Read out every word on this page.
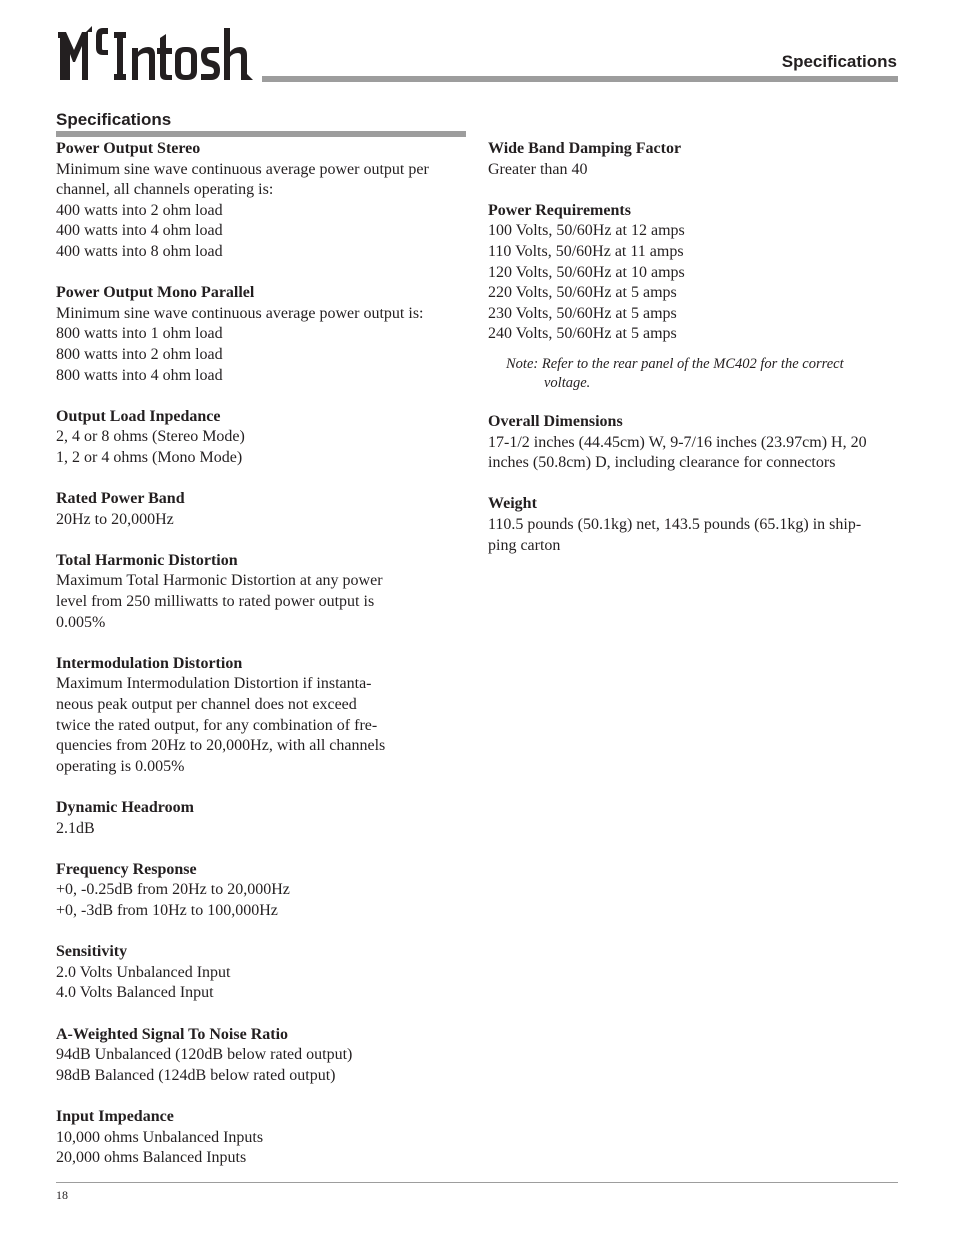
Specifications
Specifications
Power Output Stereo
Minimum sine wave continuous average power output per
channel, all channels operating is:
400 watts into 2 ohm load
400 watts into 4 ohm load
400 watts into 8 ohm load
Power Output Mono Parallel
Minimum sine wave continuous average power output is:
800 watts into 1 ohm load
800 watts into 2 ohm load
800 watts into 4 ohm load
Output Load Inpedance
2, 4 or 8 ohms (Stereo Mode)
1, 2 or 4 ohms (Mono Mode)
Rated Power Band
20Hz to 20,000Hz
Total Harmonic Distortion
Maximum Total Harmonic Distortion at any power
level from 250 milliwatts to rated power output is
0.005%
Intermodulation Distortion
Maximum Intermodulation Distortion if instanta-
neous peak output per channel does not exceed
twice the rated output, for any combination of fre-
quencies from 20Hz to 20,000Hz, with all channels
operating is 0.005%
Dynamic Headroom
2.1dB
Frequency Response
+0, -0.25dB from 20Hz to 20,000Hz
+0, -3dB from 10Hz to 100,000Hz
Sensitivity
2.0 Volts Unbalanced Input
4.0 Volts Balanced Input
A-Weighted Signal To Noise Ratio
94dB Unbalanced (120dB below rated output)
98dB Balanced (124dB below rated output)
Input Impedance
10,000 ohms Unbalanced Inputs
20,000 ohms Balanced Inputs
Wide Band Damping Factor
Greater than 40
Power Requirements
100 Volts, 50/60Hz at 12 amps
110 Volts, 50/60Hz at 11 amps
120 Volts, 50/60Hz at 10 amps
220 Volts, 50/60Hz at 5 amps
230 Volts, 50/60Hz at 5 amps
240 Volts, 50/60Hz at 5 amps
Note: Refer to the rear panel of the MC402 for the correct
voltage.
Overall Dimensions
17-1/2 inches (44.45cm) W, 9-7/16 inches (23.97cm) H, 20
inches (50.8cm) D, including clearance for connectors
Weight
110.5 pounds (50.1kg) net, 143.5 pounds (65.1kg) in ship-
ping carton
18
